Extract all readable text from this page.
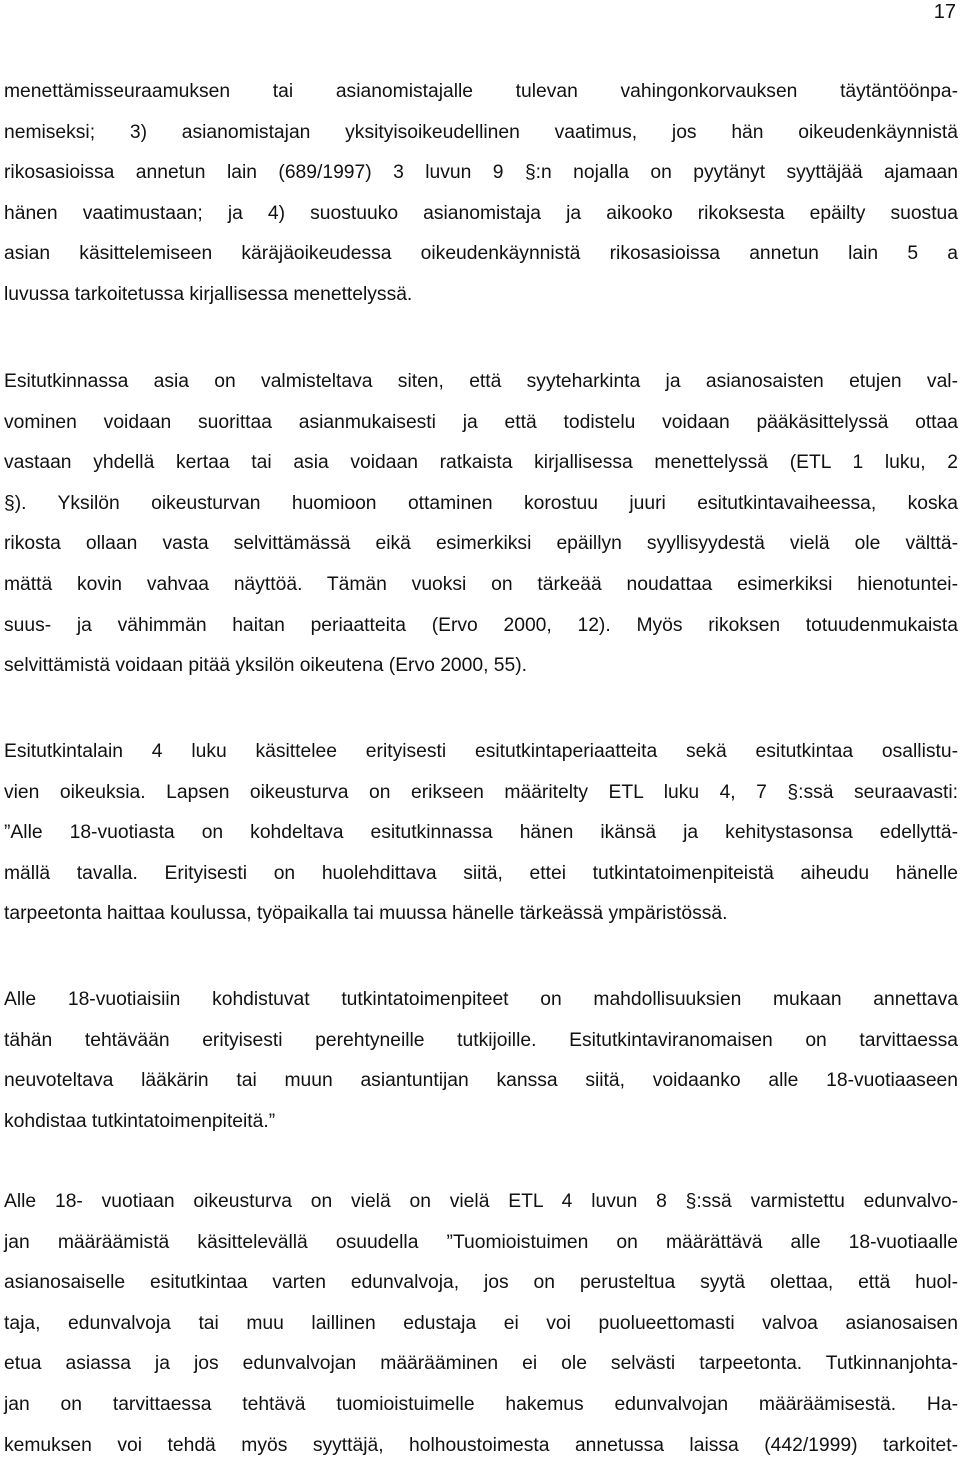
17
menettämisseuraamuksen tai asianomistajalle tulevan vahingonkorvauksen täytäntöönpa-
nemiseksi; 3) asianomistajan yksityisoikeudellinen vaatimus, jos hän oikeudenkäynnistä
rikosasioissa annetun lain (689/1997) 3 luvun 9 §:n nojalla on pyytänyt syyttäjää ajamaan
hänen vaatimustaan; ja 4) suostuuko asianomistaja ja aikooko rikoksesta epäilty suostua
asian käsittelemiseen käräjäoikeudessa oikeudenkäynnistä rikosasioissa annetun lain 5 a
luvussa tarkoitetussa kirjallisessa menettelyssä.
Esitutkinnassa asia on valmisteltava siten, että syyteharkinta ja asianosaisten etujen val-
vominen voidaan suorittaa asianmukaisesti ja että todistelu voidaan pääkäsittelyssä ottaa
vastaan yhdellä kertaa tai asia voidaan ratkaista kirjallisessa menettelyssä (ETL 1 luku, 2
§). Yksilön oikeusturvan huomioon ottaminen korostuu juuri esitutkintavaiheessa, koska
rikosta ollaan vasta selvittämässä eikä esimerkiksi epäillyn syyllisyydestä vielä ole välttä-
mättä kovin vahvaa näyttöä. Tämän vuoksi on tärkeää noudattaa esimerkiksi hienotuntei-
suus- ja vähimmän haitan periaatteita (Ervo 2000, 12). Myös rikoksen totuudenmukaista
selvittämistä voidaan pitää yksilön oikeutena (Ervo 2000, 55).
Esitutkintalain 4 luku käsittelee erityisesti esitutkintaperiaatteita sekä esitutkintaa osallistu-
vien oikeuksia. Lapsen oikeusturva on erikseen määritelty ETL luku 4, 7 §:ssä seuraavasti:
”Alle 18-vuotiasta on kohdeltava esitutkinnassa hänen ikänsä ja kehitystasonsa edellyttä-
mällä tavalla. Erityisesti on huolehdittava siitä, ettei tutkintatoimenpiteistä aiheudu hänelle
tarpeetonta haittaa koulussa, työpaikalla tai muussa hänelle tärkeässä ympäristössä.
Alle 18-vuotiaisiin kohdistuvat tutkintatoimenpiteet on mahdollisuuksien mukaan annettava
tähän tehtävään erityisesti perehtyneille tutkijoille. Esitutkintaviranomaisen on tarvittaessa
neuvoteltava lääkärin tai muun asiantuntijan kanssa siitä, voidaanko alle 18-vuotiaaseen
kohdistaa tutkintatoimenpiteitä.”
Alle 18- vuotiaan oikeusturva on vielä on vielä ETL 4 luvun 8 §:ssä varmistettu edunvalvo-
jan määräämistä käsittelevällä osuudella ”Tuomioistuimen on määrättävä alle 18-vuotiaalle
asianosaiselle esitutkintaa varten edunvalvoja, jos on perusteltua syytä olettaa, että huol-
taja, edunvalvoja tai muu laillinen edustaja ei voi puolueettomasti valvoa asianosaisen
etua asiassa ja jos edunvalvojan määrääminen ei ole selvästi tarpeetonta. Tutkinnanjohta-
jan on tarvittaessa tehtävä tuomioistuimelle hakemus edunvalvojan määräämisestä. Ha-
kemuksen voi tehdä myös syyttäjä, holhoustoimesta annetussa laissa (442/1999) tarkoitet-
